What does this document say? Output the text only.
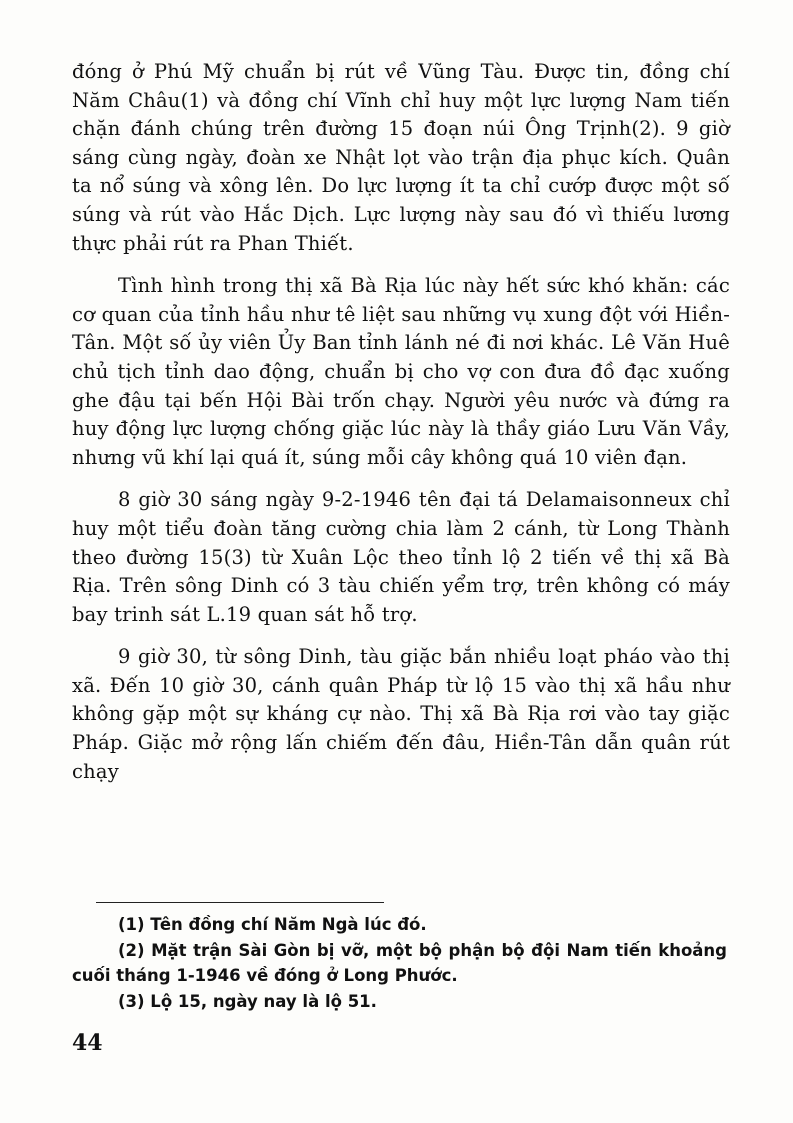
đóng ở Phú Mỹ chuẩn bị rút về Vũng Tàu. Được tin, đồng chí Năm Châu(1) và đồng chí Vĩnh chỉ huy một lực lượng Nam tiến chặn đánh chúng trên đường 15 đoạn núi Ông Trịnh(2). 9 giờ sáng cùng ngày, đoàn xe Nhật lọt vào trận địa phục kích. Quân ta nổ súng và xông lên. Do lực lượng ít ta chỉ cướp được một số súng và rút vào Hắc Dịch. Lực lượng này sau đó vì thiếu lương thực phải rút ra Phan Thiết.

Tình hình trong thị xã Bà Rịa lúc này hết sức khó khăn: các cơ quan của tỉnh hầu như tê liệt sau những vụ xung đột với Hiền-Tân. Một số ủy viên Ủy Ban tỉnh lánh né đi nơi khác. Lê Văn Huê chủ tịch tỉnh dao động, chuẩn bị cho vợ con đưa đồ đạc xuống ghe đậu tại bến Hội Bài trốn chạy. Người yêu nước và đứng ra huy động lực lượng chống giặc lúc này là thầy giáo Lưu Văn Vầy, nhưng vũ khí lại quá ít, súng mỗi cây không quá 10 viên đạn.

8 giờ 30 sáng ngày 9-2-1946 tên đại tá Delamaisonneux chỉ huy một tiểu đoàn tăng cường chia làm 2 cánh, từ Long Thành theo đường 15(3) từ Xuân Lộc theo tỉnh lộ 2 tiến về thị xã Bà Rịa. Trên sông Dinh có 3 tàu chiến yểm trợ, trên không có máy bay trinh sát L.19 quan sát hỗ trợ.

9 giờ 30, từ sông Dinh, tàu giặc bắn nhiều loạt pháo vào thị xã. Đến 10 giờ 30, cánh quân Pháp từ lộ 15 vào thị xã hầu như không gặp một sự kháng cự nào. Thị xã Bà Rịa rơi vào tay giặc Pháp. Giặc mở rộng lấn chiếm đến đâu, Hiền-Tân dẫn quân rút chạy

(1) Tên đồng chí Năm Ngà lúc đó.

(2) Mặt trận Sài Gòn bị vỡ, một bộ phận bộ đội Nam tiến khoảng cuối tháng 1-1946 về đóng ở Long Phước.

(3) Lộ 15, ngày nay là lộ 51.

44
